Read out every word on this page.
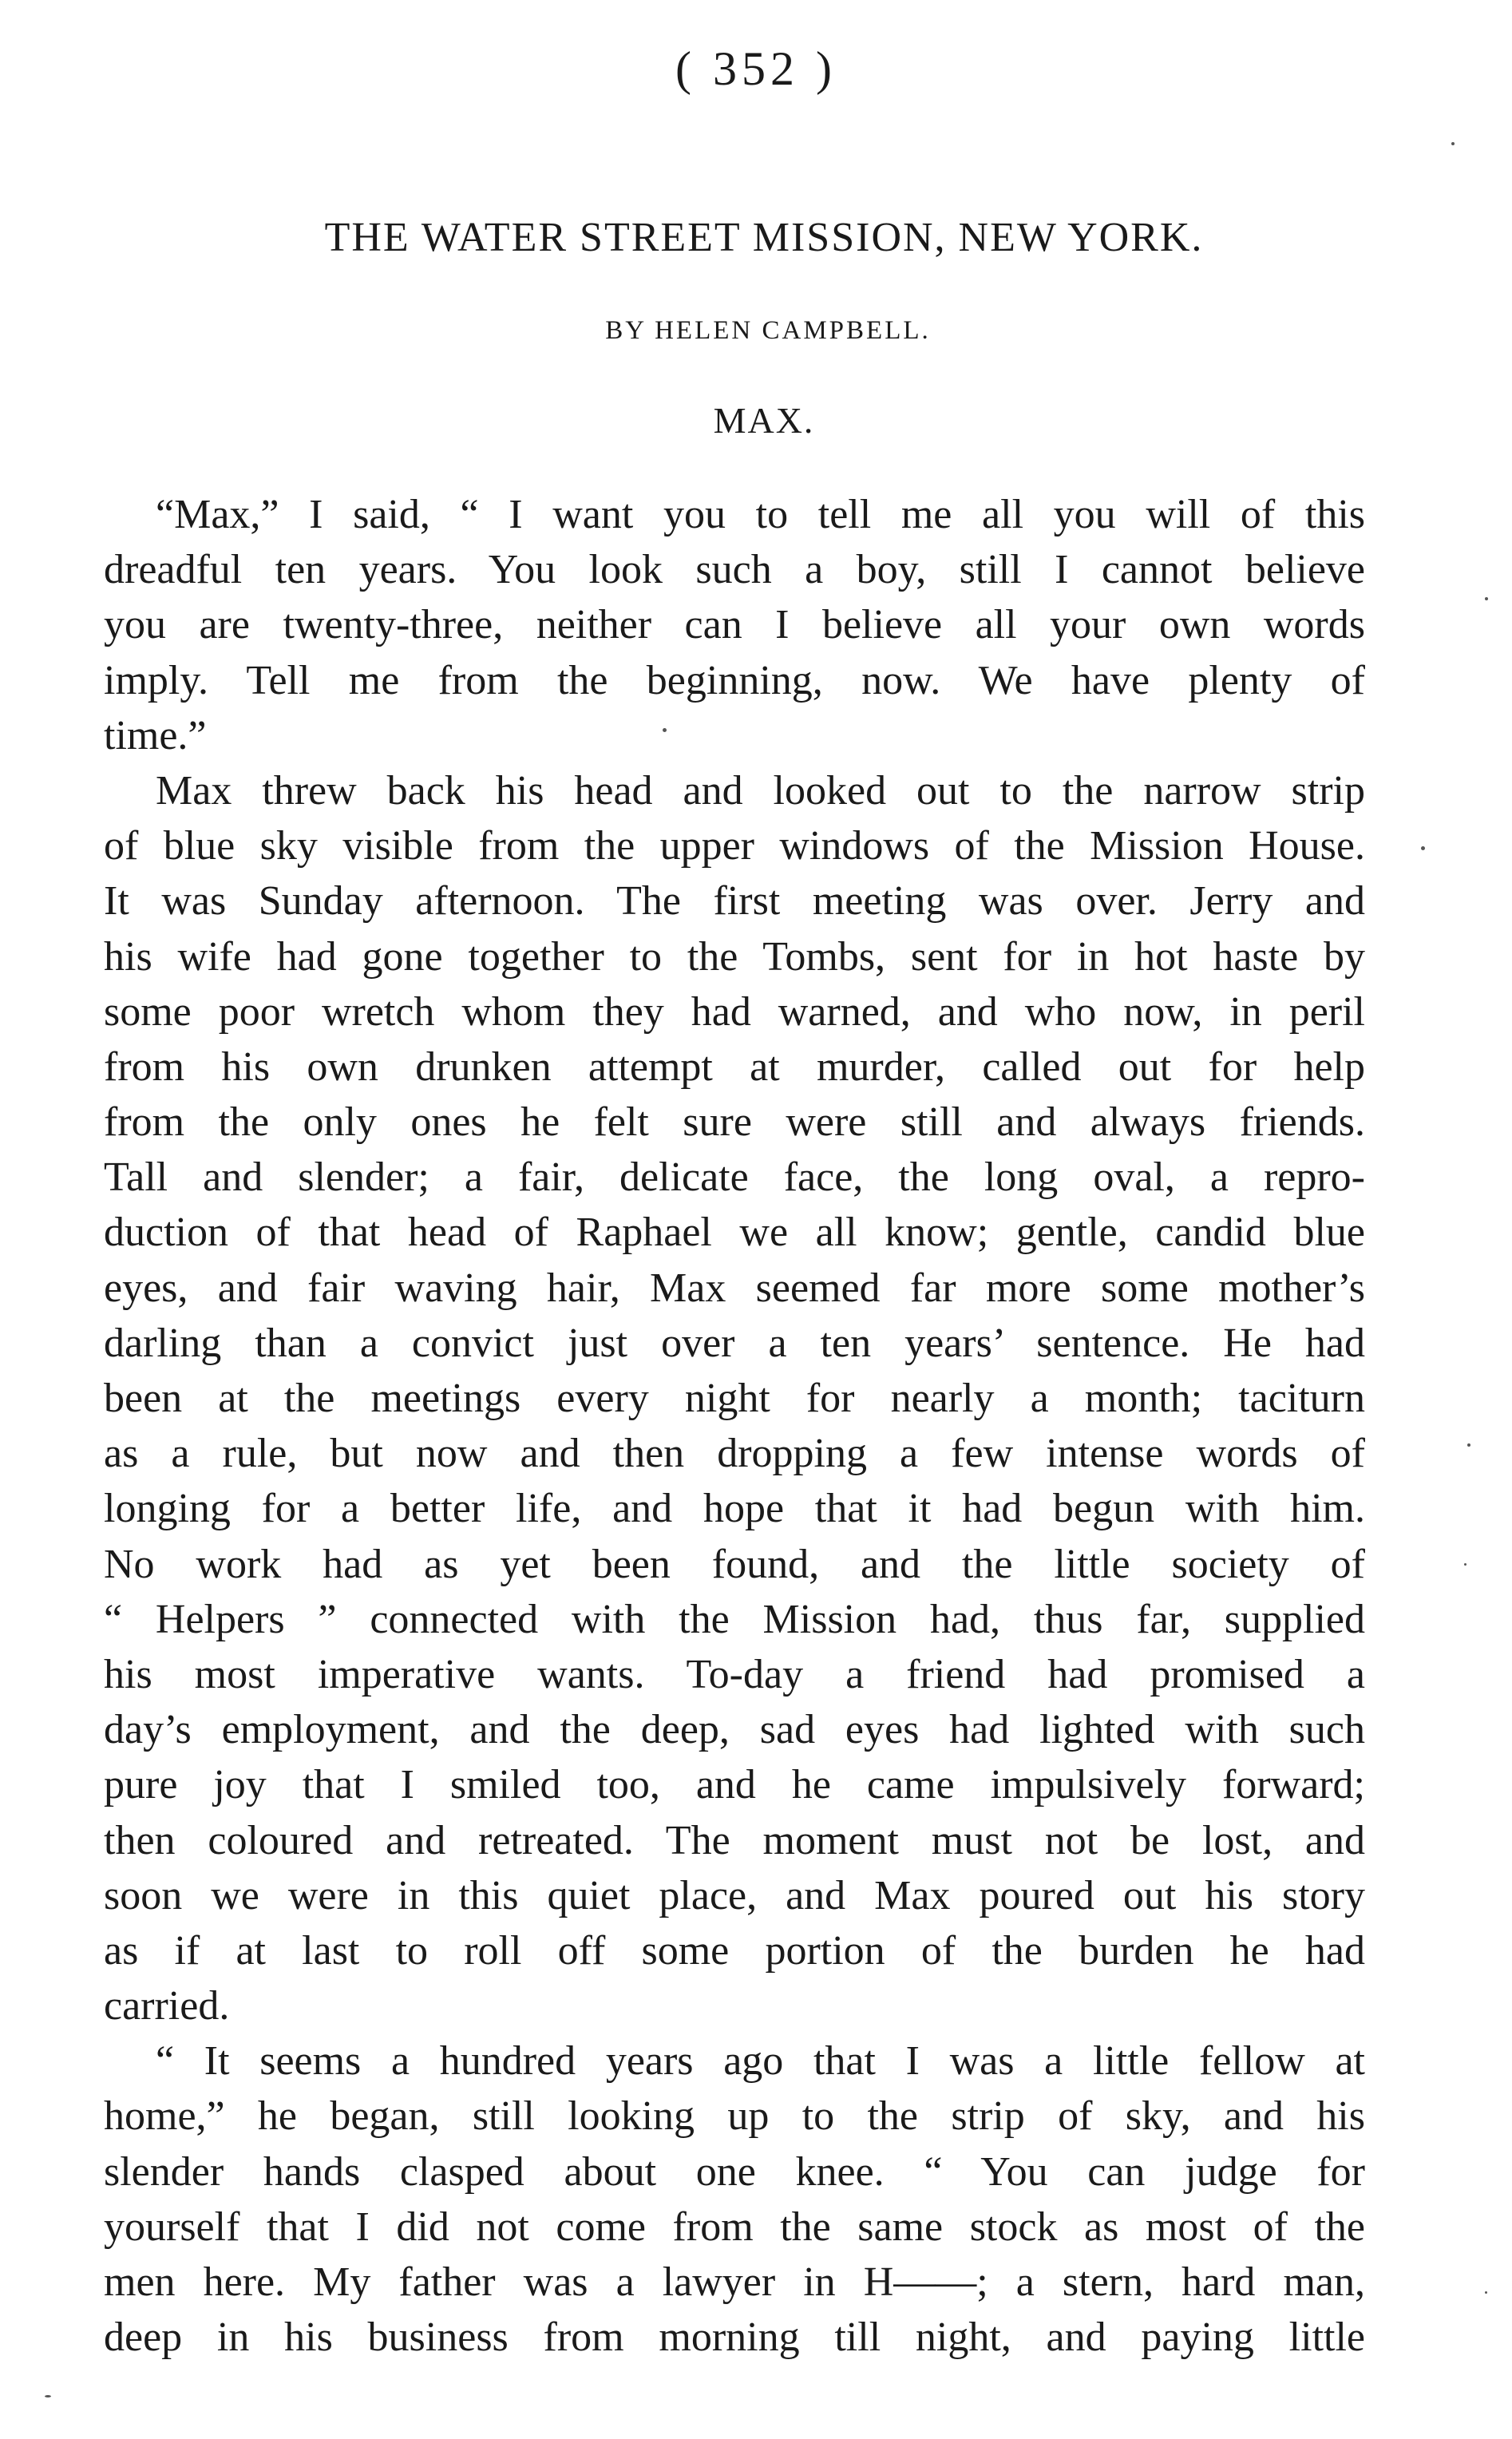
( 352 )
THE WATER STREET MISSION, NEW YORK.
BY HELEN CAMPBELL.
MAX.
“Max,” I said, “ I want you to tell me all you will of this
dreadful ten years. You look such a boy, still I cannot believe
you are twenty-three, neither can I believe all your own words
imply. Tell me from the beginning, now. We have plenty of
time.”
Max threw back his head and looked out to the narrow strip
of blue sky visible from the upper windows of the Mission House.
It was Sunday afternoon. The first meeting was over. Jerry and
his wife had gone together to the Tombs, sent for in hot haste by
some poor wretch whom they had warned, and who now, in peril
from his own drunken attempt at murder, called out for help
from the only ones he felt sure were still and always friends.
Tall and slender; a fair, delicate face, the long oval, a repro-
duction of that head of Raphael we all know; gentle, candid blue
eyes, and fair waving hair, Max seemed far more some mother’s
darling than a convict just over a ten years’ sentence. He had
been at the meetings every night for nearly a month; taciturn
as a rule, but now and then dropping a few intense words of
longing for a better life, and hope that it had begun with him.
No work had as yet been found, and the little society of
“ Helpers ” connected with the Mission had, thus far, supplied
his most imperative wants. To-day a friend had promised a
day’s employment, and the deep, sad eyes had lighted with such
pure joy that I smiled too, and he came impulsively forward;
then coloured and retreated. The moment must not be lost, and
soon we were in this quiet place, and Max poured out his story
as if at last to roll off some portion of the burden he had
carried.
“ It seems a hundred years ago that I was a little fellow at
home,” he began, still looking up to the strip of sky, and his
slender hands clasped about one knee. “ You can judge for
yourself that I did not come from the same stock as most of the
men here. My father was a lawyer in H——; a stern, hard man,
deep in his business from morning till night, and paying little
